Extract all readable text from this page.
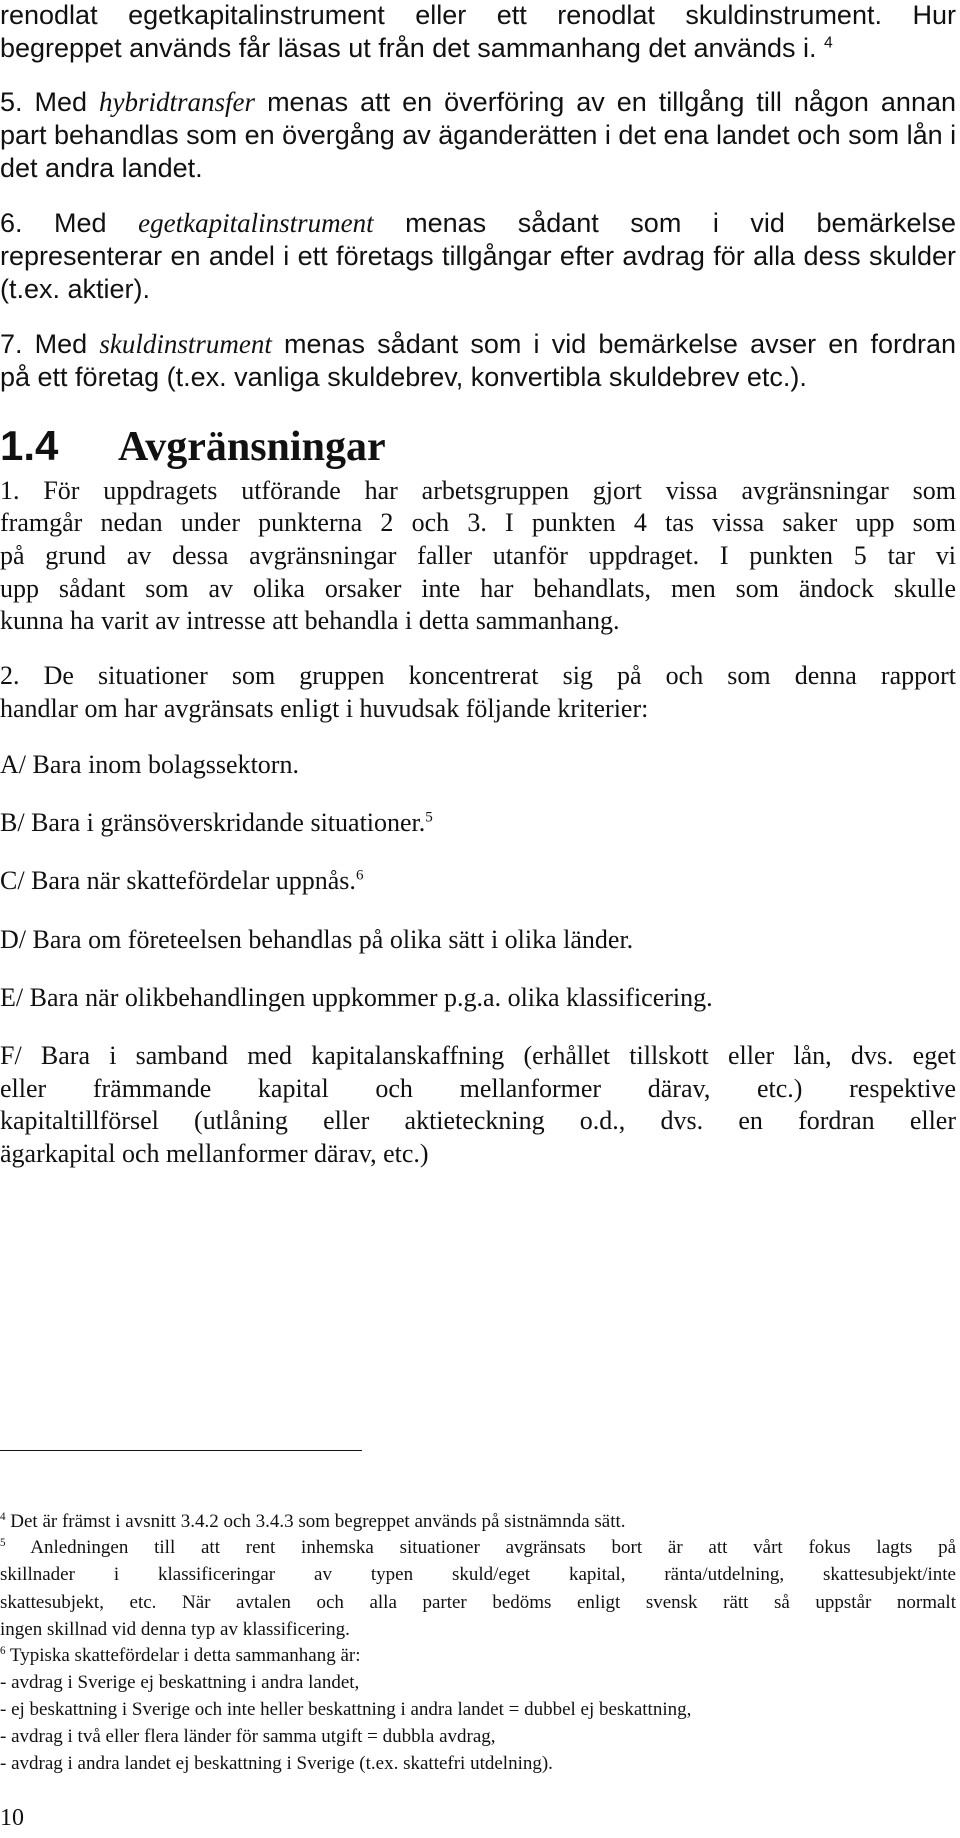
renodlat egetkapitalinstrument eller ett renodlat skuldinstrument. Hur
begreppet används får läsas ut från det sammanhang det används i. $^4$
5. Med hybridtransfer menas att en överföring av en tillgång till någon annan
part behandlas som en övergång av äganderätten i det ena landet och som lån i
det andra landet.
6. Med egetkapitalinstrument menas sådant som i vid bemärkelse
representerar en andel i ett företags tillgångar efter avdrag för alla dess skulder
(t.ex. aktier).
7. Med skuldinstrument menas sådant som i vid bemärkelse avser en fordran
på ett företag (t.ex. vanliga skuldebrev, konvertibla skuldebrev etc.).
1.4 Avgränsningar
1. För uppdragets utförande har arbetsgruppen gjort vissa avgränsningar som
framgår nedan under punkterna 2 och 3. I punkten 4 tas vissa saker upp som
på grund av dessa avgränsningar faller utanför uppdraget. I punkten 5 tar vi
upp sådant som av olika orsaker inte har behandlats, men som ändock skulle
kunna ha varit av intresse att behandla i detta sammanhang.
2. De situationer som gruppen koncentrerat sig på och som denna rapport
handlar om har avgränsats enligt i huvudsak följande kriterier:
A/ Bara inom bolagssektorn.
B/ Bara i gränsöverskridande situationer.$^5$
C/ Bara när skattefördelar uppnås.$^6$
D/ Bara om företeelsen behandlas på olika sätt i olika länder.
E/ Bara när olikbehandlingen uppkommer p.g.a. olika klassificering.
F/ Bara i samband med kapitalanskaffning (erhållet tillskott eller lån, dvs. eget
eller främmande kapital och mellanformer därav, etc.) respektive
kapitaltillförsel (utlåning eller aktieteckning o.d., dvs. en fordran eller
ägarkapital och mellanformer därav, etc.)
$^4$ Det är främst i avsnitt 3.4.2 och 3.4.3 som begreppet används på sistnämnda sätt.
$^5$ Anledningen till att rent inhemska situationer avgränsats bort är att vårt fokus lagts på
skillnader i klassificeringar av typen skuld/eget kapital, ränta/utdelning, skattesubjekt/inte
skattesubjekt, etc. När avtalen och alla parter bedöms enligt svensk rätt så uppstår normalt
ingen skillnad vid denna typ av klassificering.
$^6$ Typiska skattefördelar i detta sammanhang är:
- avdrag i Sverige ej beskattning i andra landet,
- ej beskattning i Sverige och inte heller beskattning i andra landet = dubbel ej beskattning,
- avdrag i två eller flera länder för samma utgift = dubbla avdrag,
- avdrag i andra landet ej beskattning i Sverige (t.ex. skattefri utdelning).
10
